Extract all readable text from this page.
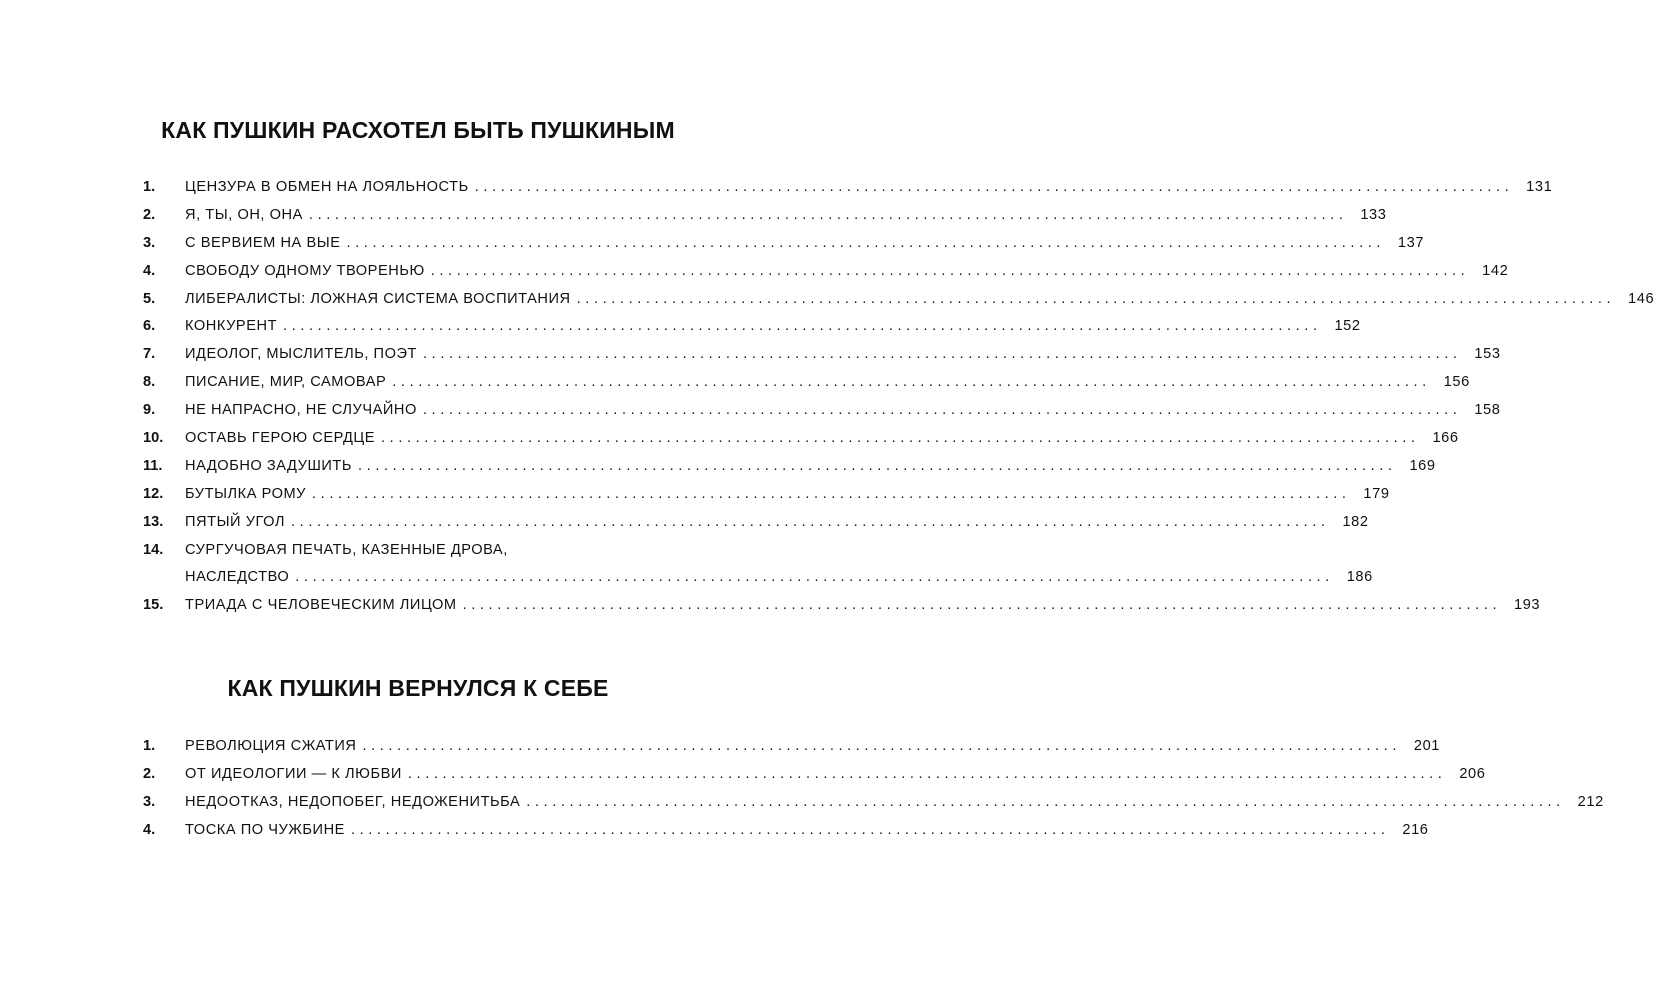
КАК ПУШКИН РАСХОТЕЛ БЫТЬ ПУШКИНЫМ
1. ЦЕНЗУРА В ОБМЕН НА ЛОЯЛЬНОСТЬ ........................................................................................................................ 131
2. Я, ТЫ, ОН, ОНА ........................................................................................................................ 133
3. С ВЕРВИЕМ НА ВЫЕ ........................................................................................................................ 137
4. СВОБОДУ ОДНОМУ ТВОРЕНЬЮ ........................................................................................................................ 142
5. ЛИБЕРАЛИСТЫ: ЛОЖНАЯ СИСТЕМА ВОСПИТАНИЯ ........................................................................................................................ 146
6. КОНКУРЕНТ ........................................................................................................................ 152
7. ИДЕОЛОГ, МЫСЛИТЕЛЬ, ПОЭТ ........................................................................................................................ 153
8. ПИСАНИЕ, МИР, САМОВАР ........................................................................................................................ 156
9. НЕ НАПРАСНО, НЕ СЛУЧАЙНО ........................................................................................................................ 158
10. ОСТАВЬ ГЕРОЮ СЕРДЦЕ ........................................................................................................................ 166
11. НАДОБНО ЗАДУШИТЬ ........................................................................................................................ 169
12. БУТЫЛКА РОМУ ........................................................................................................................ 179
13. ПЯТЫЙ УГОЛ ........................................................................................................................ 182
14. СУРГУЧОВАЯ ПЕЧАТЬ, КАЗЕННЫЕ ДРОВА,
НАСЛЕДСТВО ........................................................................................................................ 186
15. ТРИАДА С ЧЕЛОВЕЧЕСКИМ ЛИЦОМ ........................................................................................................................ 193
КАК ПУШКИН ВЕРНУЛСЯ К СЕБЕ
1. РЕВОЛЮЦИЯ СЖАТИЯ ........................................................................................................................ 201
2. ОТ ИДЕОЛОГИИ — К ЛЮБВИ ........................................................................................................................ 206
3. НЕДООТКАЗ, НЕДОПОБЕГ, НЕДОЖЕНИТЬБА ........................................................................................................................ 212
4. ТОСКА ПО ЧУЖБИНЕ ........................................................................................................................ 216
